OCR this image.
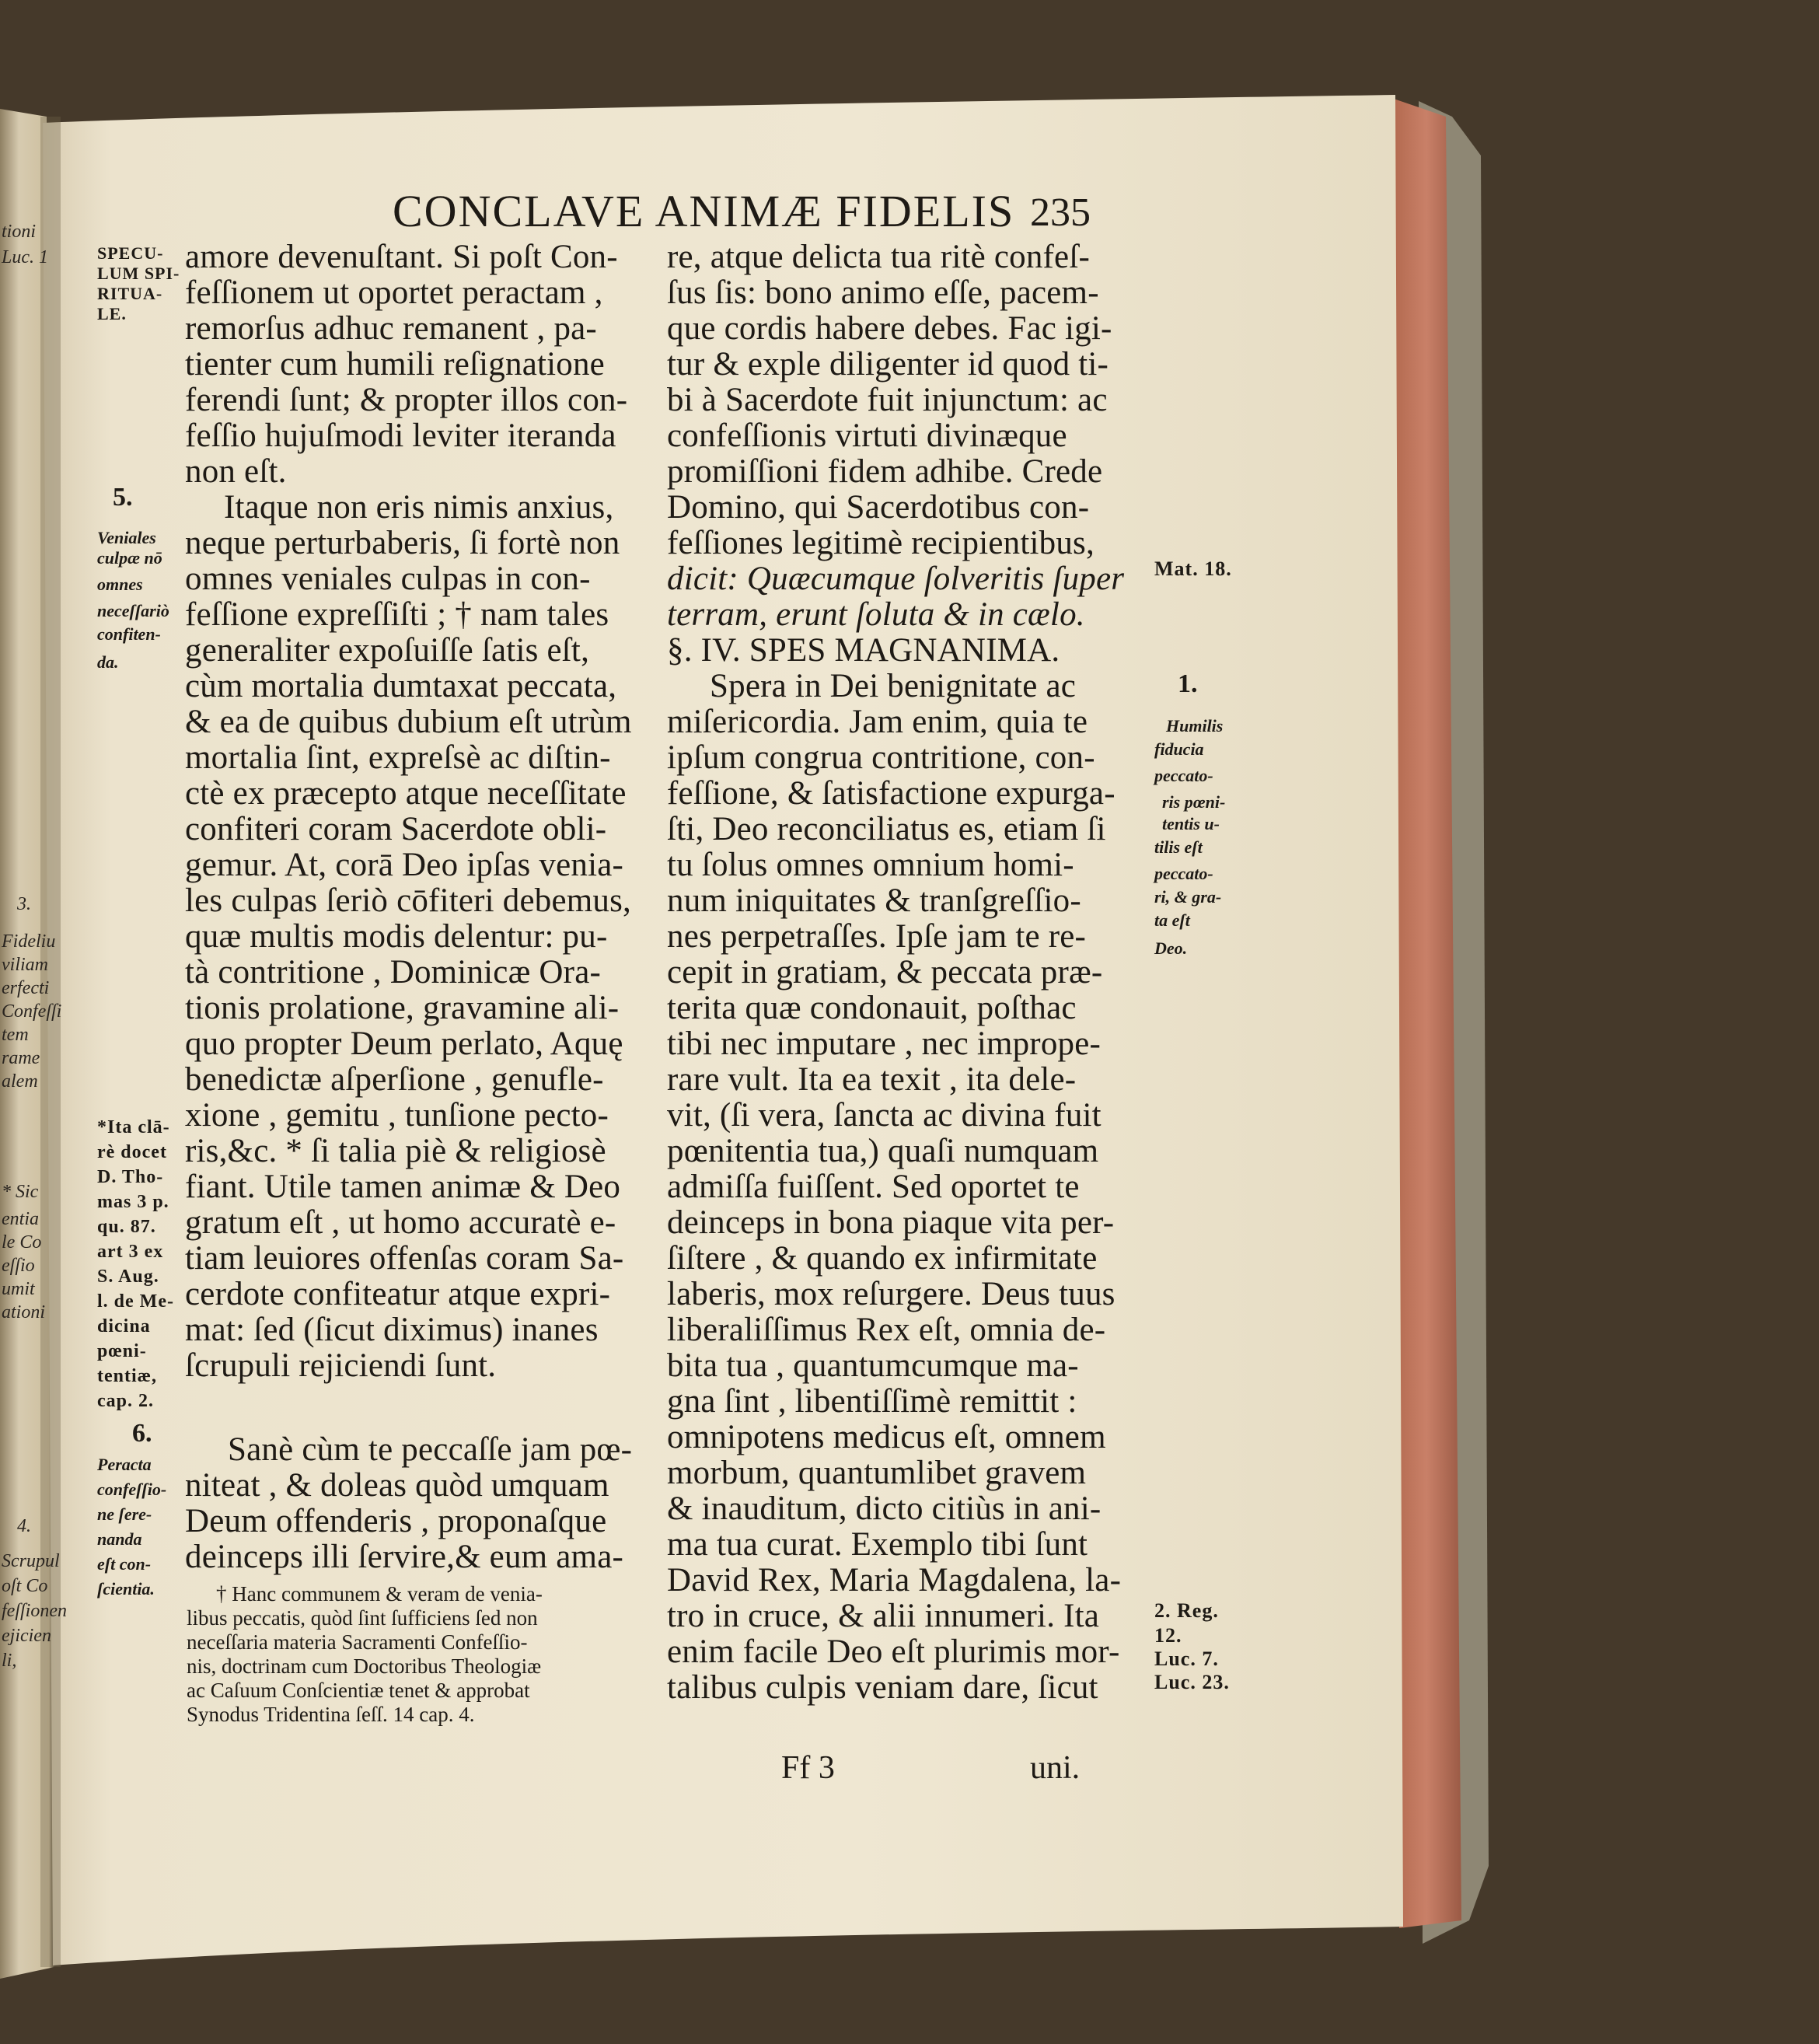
tioni
Luc. 1
3.
Fideliu
viliam
erfecti
Confeſſi
tem
rame
alem
* Sic
entia
le Co
eſſio
umit
ationi
4.
Scrupul
oſt Co
feſſionen
ejicien
li,
CONCLAVE ANIMÆ FIDELIS 235
amore devenuſtant. Si poſt Con-
feſſionem ut oportet peractam ,
remorſus adhuc remanent , pa-
tienter cum humili reſignatione
ferendi ſunt; & propter illos con-
feſſio hujuſmodi leviter iteranda
non eſt.
Itaque non eris nimis anxius,
neque perturbaberis, ſi fortè non
omnes veniales culpas in con-
feſſione expreſſiſti ; † nam tales
generaliter expoſuiſſe ſatis eſt,
cùm mortalia dumtaxat peccata,
& ea de quibus dubium eſt utrùm
mortalia ſint, expreſsè ac diſtin-
ctè ex præcepto atque neceſſitate
confiteri coram Sacerdote obli-
gemur. At, corā Deo ipſas venia-
les culpas ſeriò cōfiteri debemus,
quæ multis modis delentur: pu-
tà contritione , Dominicæ Ora-
tionis prolatione, gravamine ali-
quo propter Deum perlato, Aquę
benedictæ aſperſione , genufle-
xione , gemitu , tunſione pecto-
ris,&c. * ſi talia piè & religiosè
fiant. Utile tamen animæ & Deo
gratum eſt , ut homo accuratè e-
tiam leuiores offenſas coram Sa-
cerdote confiteatur atque expri-
mat: ſed (ſicut diximus) inanes
ſcrupuli rejiciendi ſunt.
Sanè cùm te peccaſſe jam pœ-
niteat , & doleas quòd umquam
Deum offenderis , proponaſque
deinceps illi ſervire,& eum ama-
† Hanc communem & veram de venia-
libus peccatis, quòd ſint ſufficiens ſed non
neceſſaria materia Sacramenti Confeſſio-
nis, doctrinam cum Doctoribus Theologiæ
ac Caſuum Conſcientiæ tenet & approbat
Synodus Tridentina ſeſſ. 14 cap. 4.
re, atque delicta tua ritè confeſ-
ſus ſis: bono animo eſſe, pacem-
que cordis habere debes. Fac igi-
tur & exple diligenter id quod ti-
bi à Sacerdote fuit injunctum: ac
confeſſionis virtuti divinæque
promiſſioni fidem adhibe. Crede
Domino, qui Sacerdotibus con-
feſſiones legitimè recipientibus,
dicit: Quæcumque ſolveritis ſuper
terram, erunt ſoluta & in cælo.
§. IV. SPES MAGNANIMA.
Spera in Dei benignitate ac
miſericordia. Jam enim, quia te
ipſum congrua contritione, con-
feſſione, & ſatisfactione expurga-
ſti, Deo reconciliatus es, etiam ſi
tu ſolus omnes omnium homi-
num iniquitates & tranſgreſſio-
nes perpetraſſes. Ipſe jam te re-
cepit in gratiam, & peccata præ-
terita quæ condonauit, poſthac
tibi nec imputare , nec imprope-
rare vult. Ita ea texit , ita dele-
vit, (ſi vera, ſancta ac divina fuit
pœnitentia tua,) quaſi numquam
admiſſa fuiſſent. Sed oportet te
deinceps in bona piaque vita per-
ſiſtere , & quando ex infirmitate
laberis, mox reſurgere. Deus tuus
liberaliſſimus Rex eſt, omnia de-
bita tua , quantumcumque ma-
gna ſint , libentiſſimè remittit :
omnipotens medicus eſt, omnem
morbum, quantumlibet gravem
& inauditum, dicto citiùs in ani-
ma tua curat. Exemplo tibi ſunt
David Rex, Maria Magdalena, la-
tro in cruce, & alii innumeri. Ita
enim facile Deo eſt plurimis mor-
talibus culpis veniam dare, ſicut
SPECU-
LUM SPI-
RITUA-
LE.
5.
Veniales
culpæ nō
omnes
neceſſariò
confiten-
da.
*Ita clā-
rè docet
D. Tho-
mas 3 p.
qu. 87.
art 3 ex
S. Aug.
l. de Me-
dicina
pœni-
tentiæ,
cap. 2.
6.
Peracta
confeſſio-
ne ſere-
nanda
eſt con-
ſcientia.
Mat. 18.
1.
Humilis
fiducia
peccato-
ris pœni-
tentis u-
tilis eſt
peccato-
ri, & gra-
ta eſt
Deo.
2. Reg.
12.
Luc. 7.
Luc. 23.
Ff 3	uni.
